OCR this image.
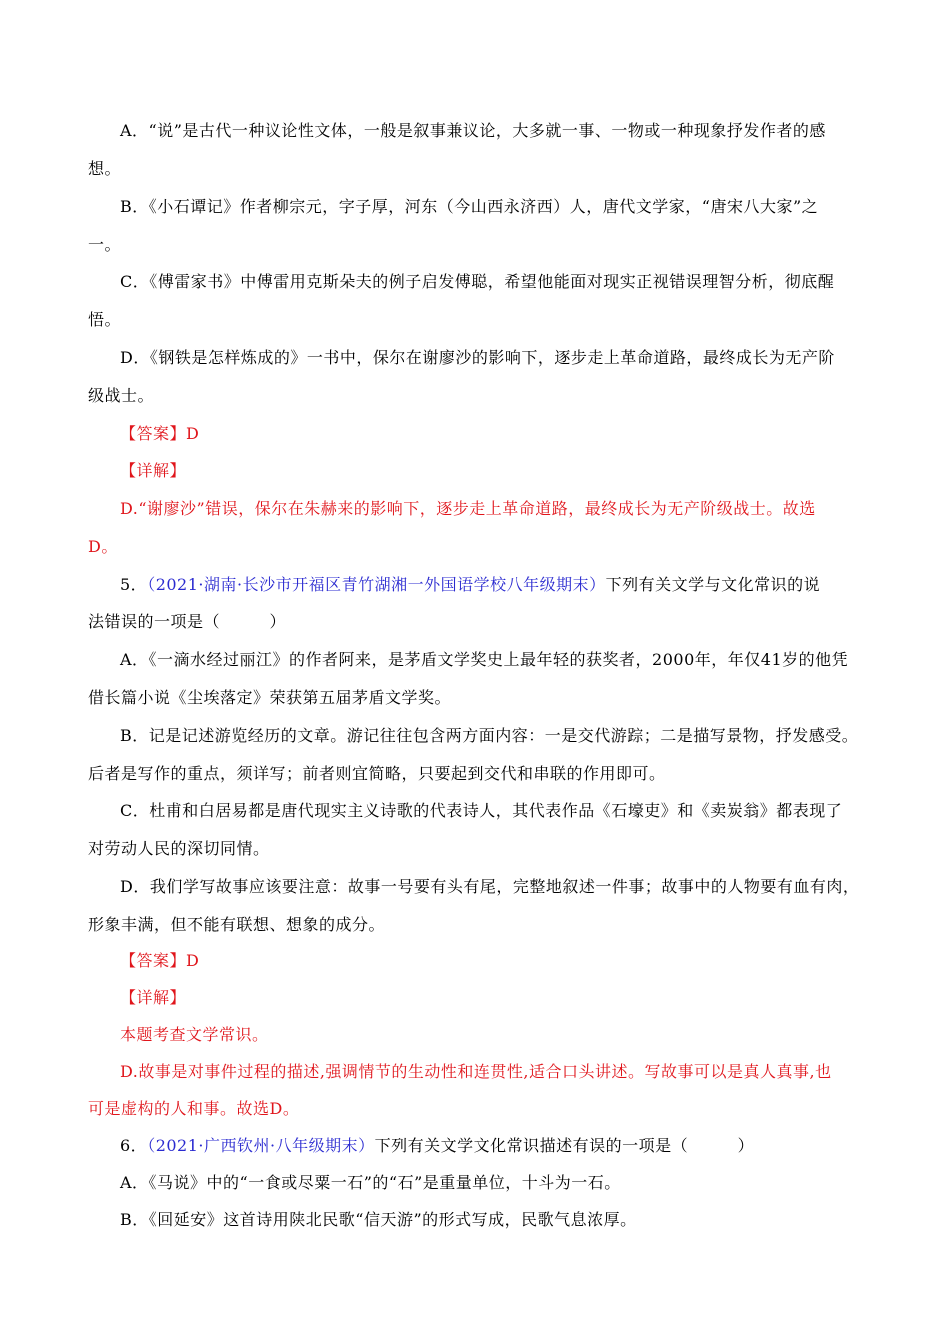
A．“说”是古代一种议论性文体，一般是叙事兼议论，大多就一事、一物或一种现象抒发作者的感
想。
B．《小石谭记》作者柳宗元，字子厚，河东（今山西永济西）人，唐代文学家，“唐宋八大家”之
一。
C．《傅雷家书》中傅雷用克斯朵夫的例子启发傅聪，希望他能面对现实正视错误理智分析，彻底醒
悟。
D．《钢铁是怎样炼成的》一书中，保尔在谢廖沙的影响下，逐步走上革命道路，最终成长为无产阶
级战士。
【答案】D
【详解】
D.“谢廖沙”错误，保尔在朱赫来的影响下，逐步走上革命道路，最终成长为无产阶级战士。故选
D。
5．（2021·湖南·长沙市开福区青竹湖湘一外国语学校八年级期末）下列有关文学与文化常识的说
法错误的一项是（　　　）
A．《一滴水经过丽江》的作者阿来，是茅盾文学奖史上最年轻的获奖者，2000年，年仅41岁的他凭
借长篇小说《尘埃落定》荣获第五届茅盾文学奖。
B．记是记述游览经历的文章。游记往往包含两方面内容：一是交代游踪；二是描写景物，抒发感受。
后者是写作的重点，须详写；前者则宜简略，只要起到交代和串联的作用即可。
C．杜甫和白居易都是唐代现实主义诗歌的代表诗人，其代表作品《石壕吏》和《卖炭翁》都表现了
对劳动人民的深切同情。
D．我们学写故事应该要注意：故事一号要有头有尾，完整地叙述一件事；故事中的人物要有血有肉，
形象丰满，但不能有联想、想象的成分。
【答案】D
【详解】
本题考查文学常识。
D.故事是对事件过程的描述,强调情节的生动性和连贯性,适合口头讲述。写故事可以是真人真事,也
可是虚构的人和事。故选D。
6．（2021·广西钦州·八年级期末）下列有关文学文化常识描述有误的一项是（　　　）
A．《马说》中的“一食或尽粟一石”的“石”是重量单位，十斗为一石。
B．《回延安》这首诗用陕北民歌“信天游”的形式写成，民歌气息浓厚。
